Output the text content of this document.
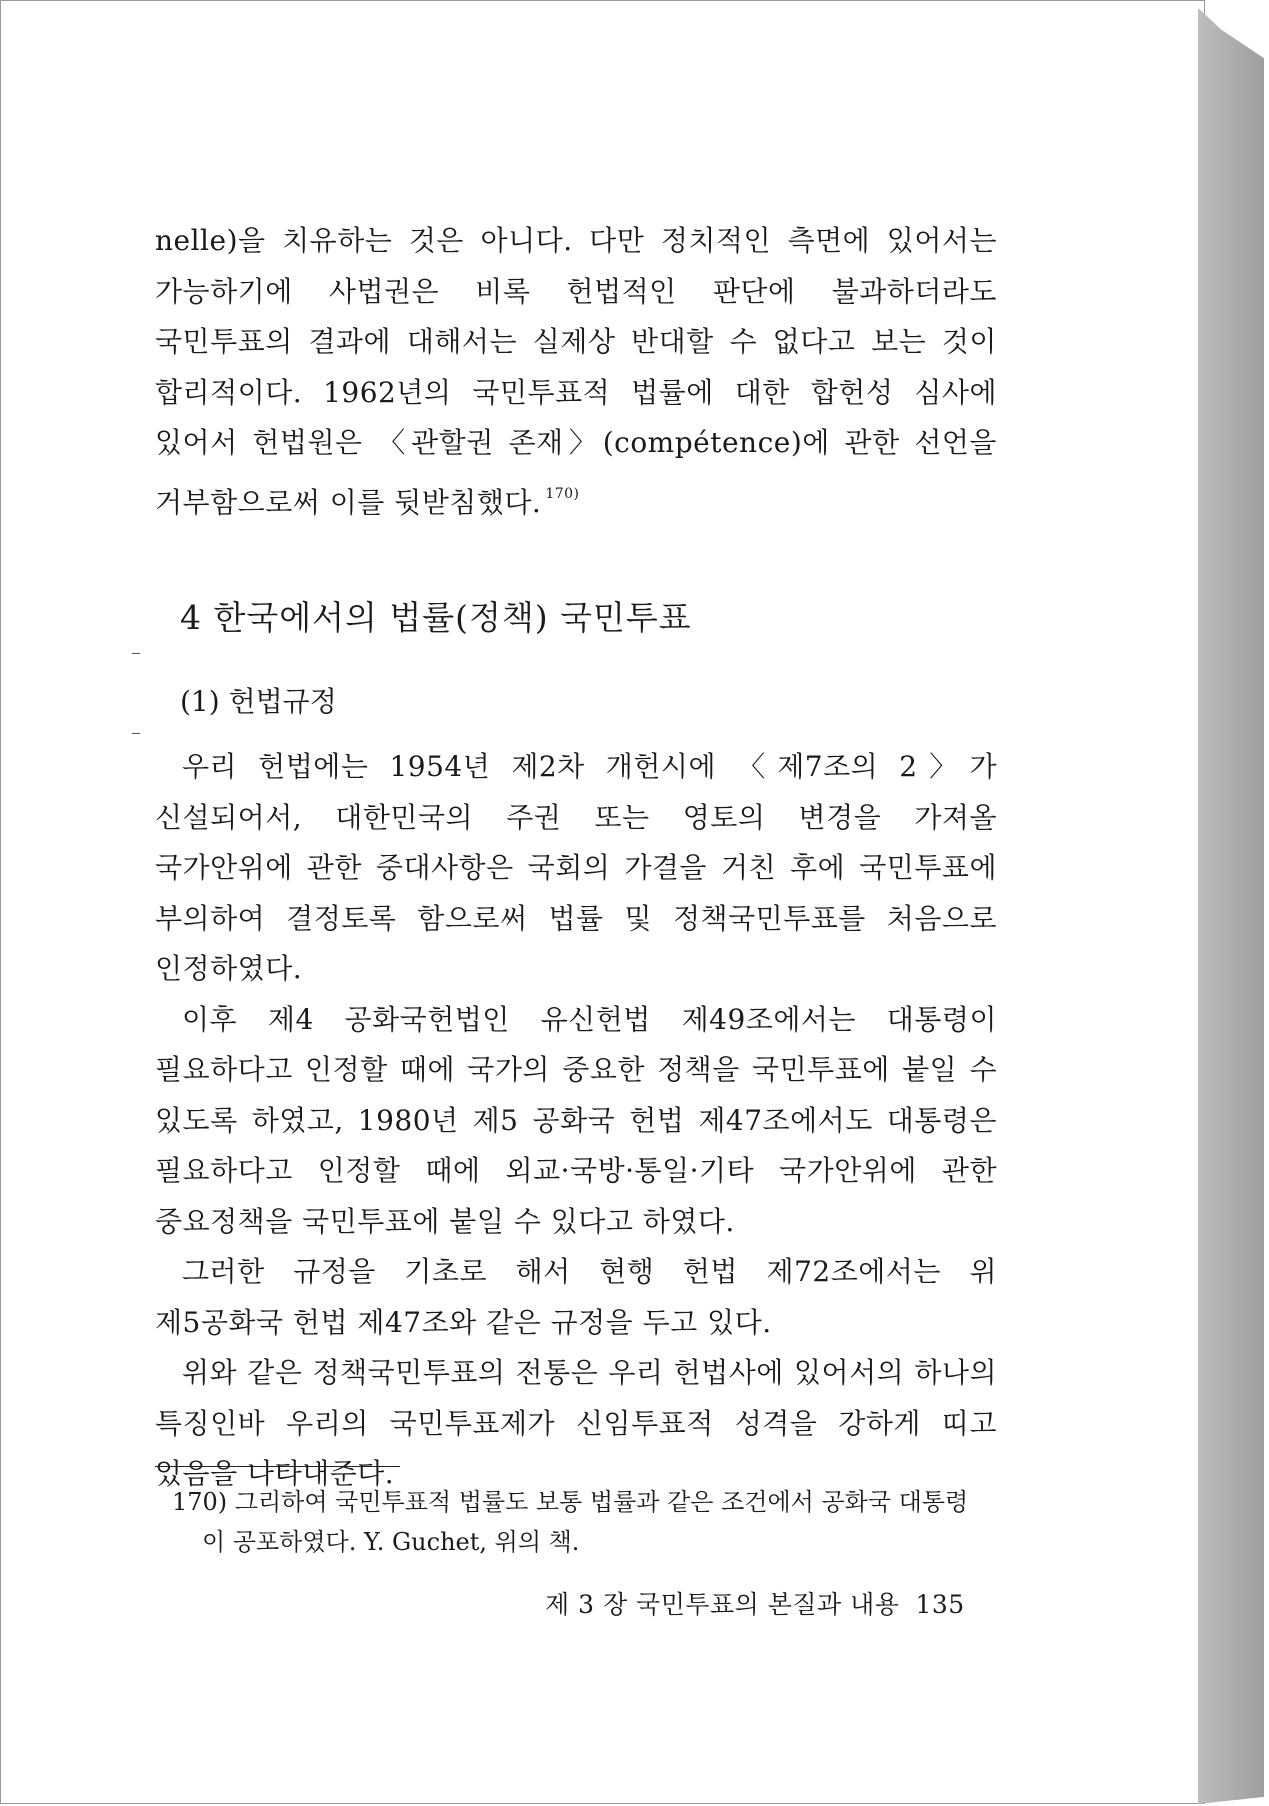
nelle)을 치유하는 것은 아니다. 다만 정치적인 측면에 있어서는 가능하기에 사법권은 비록 헌법적인 판단에 불과하더라도 국민투표의 결과에 대해서는 실제상 반대할 수 없다고 보는 것이 합리적이다. 1962년의 국민투표적 법률에 대한 합헌성 심사에 있어서 헌법원은 〈관할권 존재〉(compétence)에 관한 선언을 거부함으로써 이를 뒷받침했다. $^{170)}$
4 한국에서의 법률(정책) 국민투표
(1) 헌법규정

우리 헌법에는 1954년 제2차 개헌시에 〈제7조의 2〉가 신설되어서, 대한민국의 주권 또는 영토의 변경을 가져올 국가안위에 관한 중대사항은 국회의 가결을 거친 후에 국민투표에 부의하여 결정토록 함으로써 법률 및 정책국민투표를 처음으로 인정하였다.

이후 제4 공화국헌법인 유신헌법 제49조에서는 대통령이 필요하다고 인정할 때에 국가의 중요한 정책을 국민투표에 붙일 수 있도록 하였고, 1980년 제5 공화국 헌법 제47조에서도 대통령은 필요하다고 인정할 때에 외교·국방·통일·기타 국가안위에 관한 중요정책을 국민투표에 붙일 수 있다고 하였다.

그러한 규정을 기초로 해서 현행 헌법 제72조에서는 위 제5공화국 헌법 제47조와 같은 규정을 두고 있다.

위와 같은 정책국민투표의 전통은 우리 헌법사에 있어서의 하나의 특징인바 우리의 국민투표제가 신임투표적 성격을 강하게 띠고 있음을 나타내준다.

170) 그리하여 국민투표적 법률도 보통 법률과 같은 조건에서 공화국 대통령
이 공포하였다. Y. Guchet, 위의 책.
제 3 장 국민투표의 본질과 내용 135
